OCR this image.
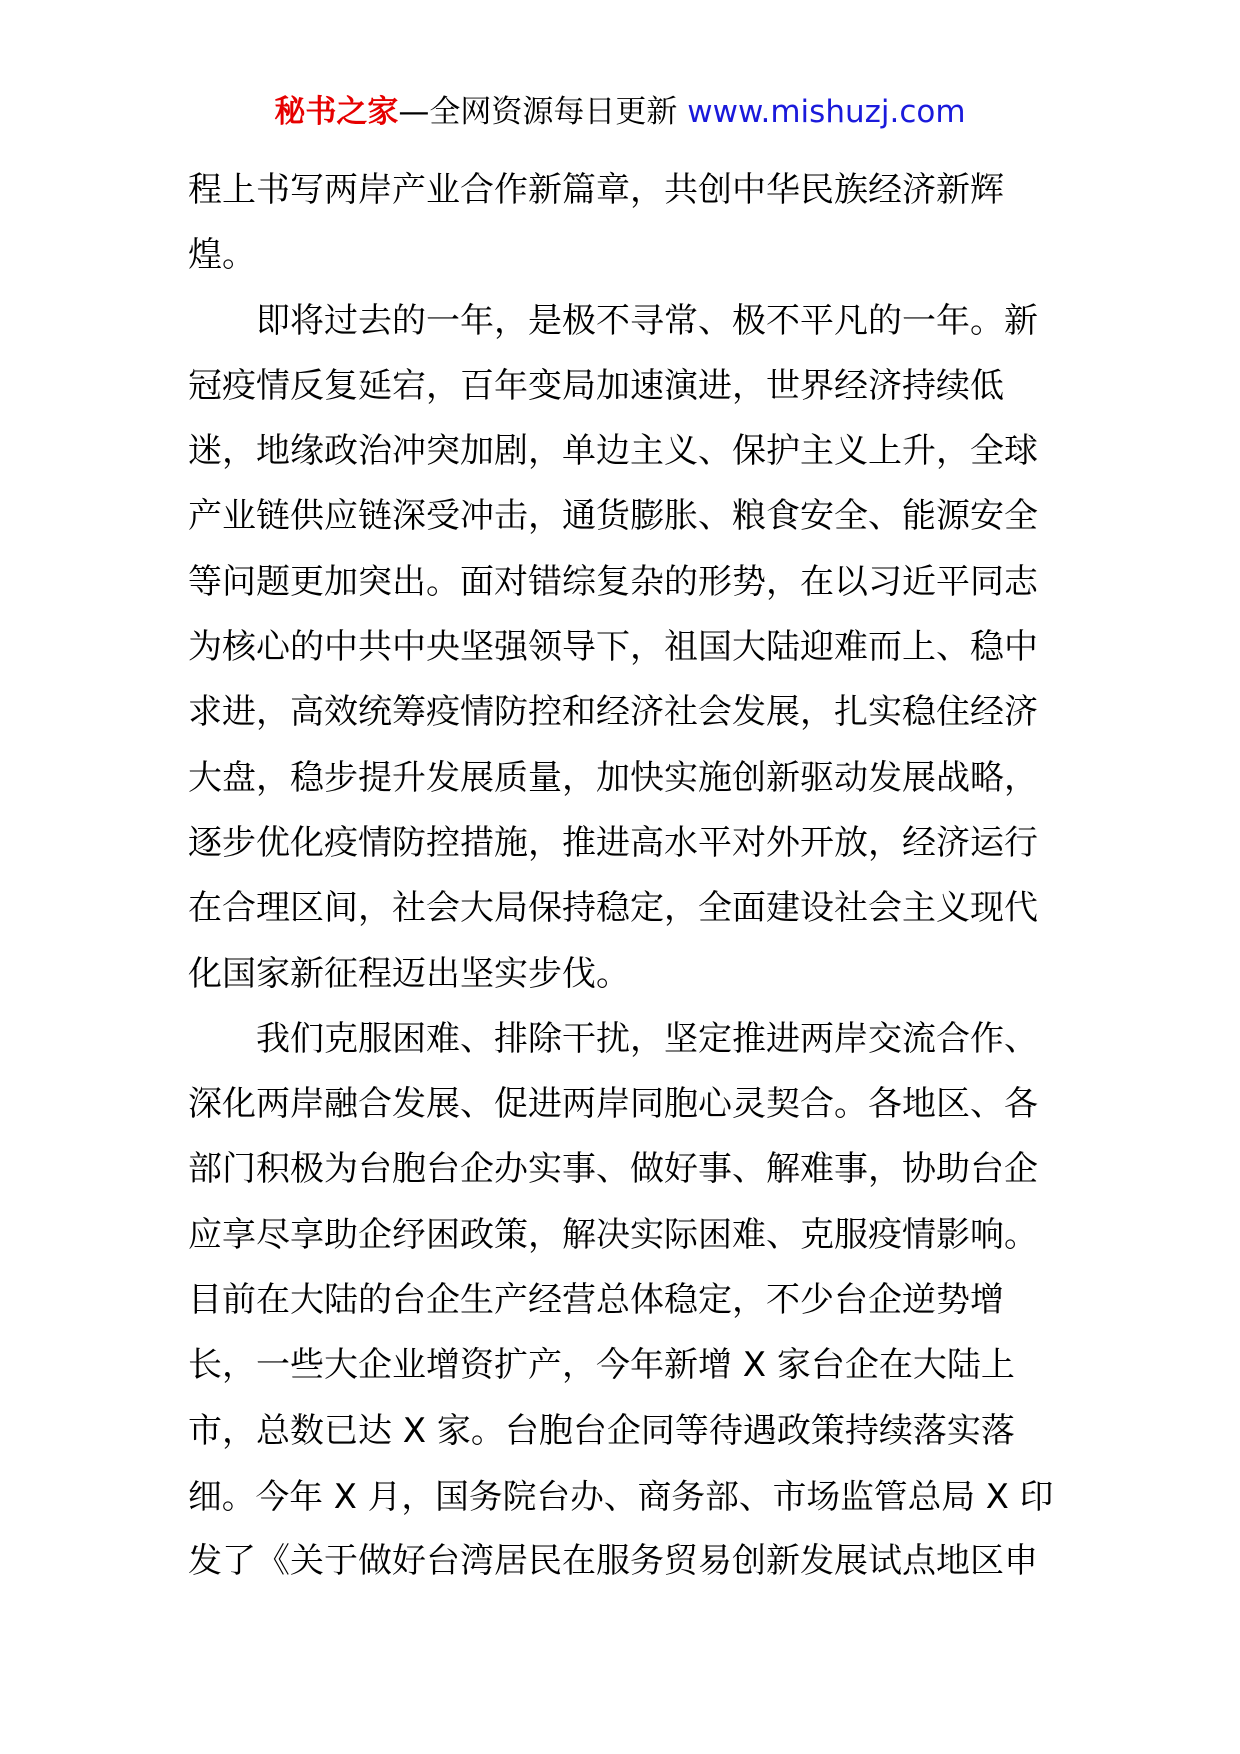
秘书之家—全网资源每日更新 www.mishuzj.com
程上书写两岸产业合作新篇章，共创中华民族经济新辉
煌。
即将过去的一年，是极不寻常、极不平凡的一年。新
冠疫情反复延宕，百年变局加速演进，世界经济持续低
迷，地缘政治冲突加剧，单边主义、保护主义上升，全球
产业链供应链深受冲击，通货膨胀、粮食安全、能源安全
等问题更加突出。面对错综复杂的形势，在以习近平同志
为核心的中共中央坚强领导下，祖国大陆迎难而上、稳中
求进，高效统筹疫情防控和经济社会发展，扎实稳住经济
大盘，稳步提升发展质量，加快实施创新驱动发展战略，
逐步优化疫情防控措施，推进高水平对外开放，经济运行
在合理区间，社会大局保持稳定，全面建设社会主义现代
化国家新征程迈出坚实步伐。
我们克服困难、排除干扰，坚定推进两岸交流合作、
深化两岸融合发展、促进两岸同胞心灵契合。各地区、各
部门积极为台胞台企办实事、做好事、解难事，协助台企
应享尽享助企纾困政策，解决实际困难、克服疫情影响。
目前在大陆的台企生产经营总体稳定，不少台企逆势增
长，一些大企业增资扩产，今年新增 X 家台企在大陆上
市，总数已达 X 家。台胞台企同等待遇政策持续落实落
细。今年 X 月，国务院台办、商务部、市场监管总局 X 印
发了《关于做好台湾居民在服务贸易创新发展试点地区申
